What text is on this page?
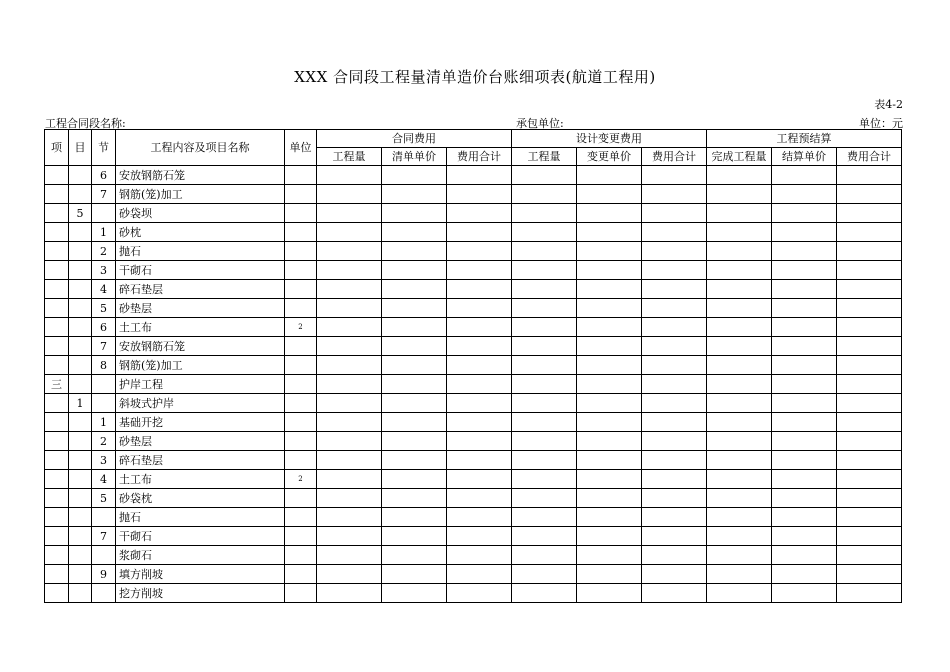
XXX 合同段工程量清单造价台账细项表(航道工程用)
表4-2
工程合同段名称:	承包单位:	单位：元
项	目	节	工程内容及项目名称	单位	合同费用			设计变更费用			工程预结算		
					工程量	清单单价	费用合计	工程量	变更单价	费用合计	完成工程量	结算单价	费用合计
		6	安放钢筋石笼										
		7	钢筋(笼)加工										
	5		砂袋坝										
		1	砂枕										
		2	抛石										
		3	干砌石										
		4	碎石垫层										
		5	砂垫层										
		6	土工布	2									
		7	安放钢筋石笼										
		8	钢筋(笼)加工										
三			护岸工程										
	1		斜坡式护岸										
		1	基础开挖										
		2	砂垫层										
		3	碎石垫层										
		4	土工布	2									
		5	砂袋枕										
			抛石										
		7	干砌石										
			浆砌石										
		9	填方削坡										
			挖方削坡										
